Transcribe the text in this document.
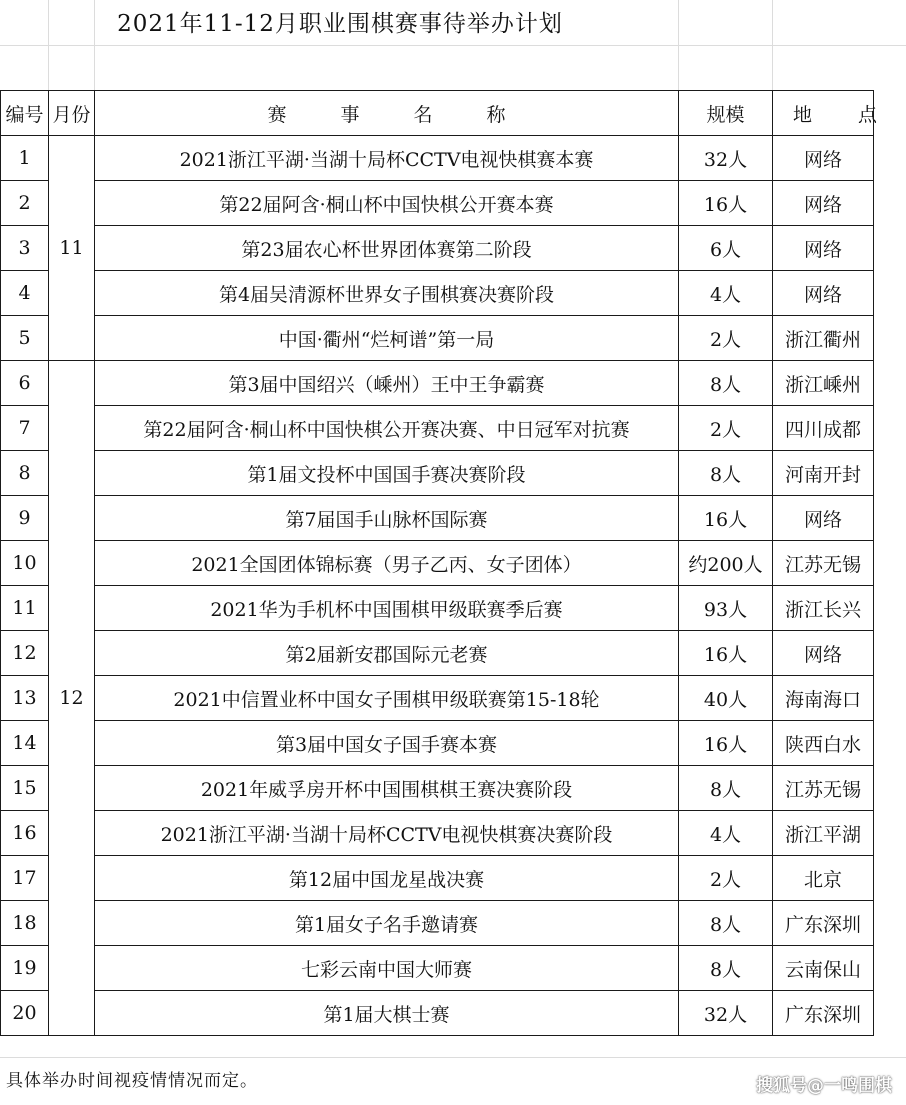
2021年11-12月职业围棋赛事待举办计划
编号	月份	赛 事 名 称	规模	地 点
1	11	2021浙江平湖·当湖十局杯CCTV电视快棋赛本赛	32人	网络
2		第22届阿含·桐山杯中国快棋公开赛本赛	16人	网络
3		第23届农心杯世界团体赛第二阶段	6人	网络
4		第4届吴清源杯世界女子围棋赛决赛阶段	4人	网络
5		中国·衢州“烂柯谱”第一局	2人	浙江衢州
6	12	第3届中国绍兴（嵊州）王中王争霸赛	8人	浙江嵊州
7		第22届阿含·桐山杯中国快棋公开赛决赛、中日冠军对抗赛	2人	四川成都
8		第1届文投杯中国国手赛决赛阶段	8人	河南开封
9		第7届国手山脉杯国际赛	16人	网络
10		2021全国团体锦标赛（男子乙丙、女子团体）	约200人	江苏无锡
11		2021华为手机杯中国围棋甲级联赛季后赛	93人	浙江长兴
12		第2届新安郡国际元老赛	16人	网络
13		2021中信置业杯中国女子围棋甲级联赛第15-18轮	40人	海南海口
14		第3届中国女子国手赛本赛	16人	陕西白水
15		2021年威孚房开杯中国围棋棋王赛决赛阶段	8人	江苏无锡
16		2021浙江平湖·当湖十局杯CCTV电视快棋赛决赛阶段	4人	浙江平湖
17		第12届中国龙星战决赛	2人	北京
18		第1届女子名手邀请赛	8人	广东深圳
19		七彩云南中国大师赛	8人	云南保山
20		第1届大棋士赛	32人	广东深圳
具体举办时间视疫情情况而定。	搜狐号@一鸣围棋
